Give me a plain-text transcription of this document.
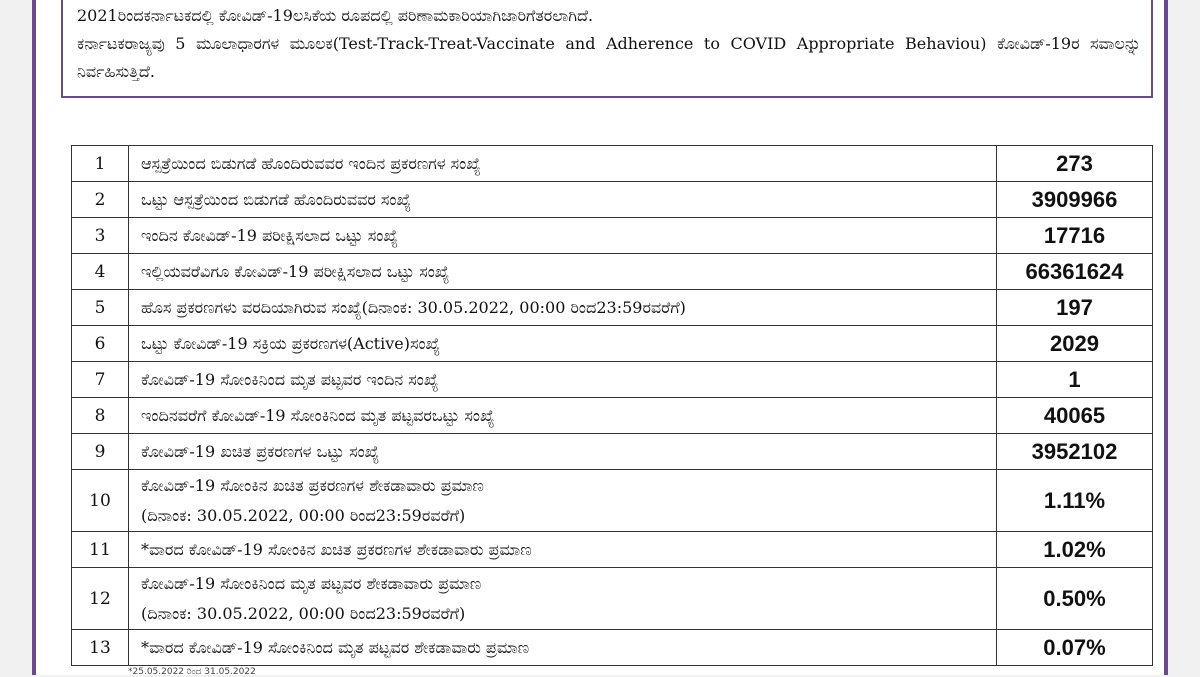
2021ರಿಂದಕರ್ನಾಟಕದಲ್ಲಿ ಕೋವಿಡ್-19ಲಸಿಕೆಯ ರೂಪದಲ್ಲಿ ಪರಿಣಾಮಕಾರಿಯಾಗಿಜಾರಿಗೆತರಲಾಗಿದೆ.

ಕರ್ನಾಟಕರಾಜ್ಯವು 5 ಮೂಲಾಧಾರಗಳ ಮೂಲಕ(Test-Track-Treat-Vaccinate and Adherence to COVID Appropriate Behaviou) ಕೋವಿಡ್-19ರ ಸವಾಲನ್ನು ನಿರ್ವಹಿಸುತ್ತಿದೆ.

1	ಆಸ್ಪತ್ರೆಯಿಂದ ಬಿಡುಗಡೆ ಹೊಂದಿರುವವರ ಇಂದಿನ ಪ್ರಕರಣಗಳ ಸಂಖ್ಯೆ	273
2	ಒಟ್ಟು ಆಸ್ಪತ್ರೆಯಿಂದ ಬಿಡುಗಡೆ ಹೊಂದಿರುವವರ ಸಂಖ್ಯೆ	3909966
3	ಇಂದಿನ ಕೋವಿಡ್-19 ಪರೀಕ್ಷಿಸಲಾದ ಒಟ್ಟು ಸಂಖ್ಯೆ	17716
4	ಇಲ್ಲಿಯವರೆವಿಗೂ ಕೋವಿಡ್-19 ಪರೀಕ್ಷಿಸಲಾದ ಒಟ್ಟು ಸಂಖ್ಯೆ	66361624
5	ಹೊಸ ಪ್ರಕರಣಗಳು ವರದಿಯಾಗಿರುವ ಸಂಖ್ಯೆ(ದಿನಾಂಕ: 30.05.2022, 00:00 ರಿಂದ23:59ರವರೆಗೆ)	197
6	ಒಟ್ಟು ಕೋವಿಡ್-19 ಸಕ್ರಿಯ ಪ್ರಕರಣಗಳ(Active)ಸಂಖ್ಯೆ	2029
7	ಕೋವಿಡ್-19 ಸೋಂಕಿನಿಂದ ಮೃತ ಪಟ್ಟವರ ಇಂದಿನ ಸಂಖ್ಯೆ	1
8	ಇಂದಿನವರೆಗೆ ಕೋವಿಡ್-19 ಸೋಂಕಿನಿಂದ ಮೃತ ಪಟ್ಟವರಒಟ್ಟು ಸಂಖ್ಯೆ	40065
9	ಕೋವಿಡ್-19 ಖಚಿತ ಪ್ರಕರಣಗಳ ಒಟ್ಟು ಸಂಖ್ಯೆ	3952102
10	ಕೋವಿಡ್-19 ಸೋಂಕಿನ ಖಚಿತ ಪ್ರಕರಣಗಳ ಶೇಕಡಾವಾರು ಪ್ರಮಾಣ
(ದಿನಾಂಕ: 30.05.2022, 00:00 ರಿಂದ23:59ರವರೆಗೆ)	1.11%
11	*ವಾರದ ಕೋವಿಡ್-19 ಸೋಂಕಿನ ಖಚಿತ ಪ್ರಕರಣಗಳ ಶೇಕಡಾವಾರು ಪ್ರಮಾಣ	1.02%
12	ಕೋವಿಡ್-19 ಸೋಂಕಿನಿಂದ ಮೃತ ಪಟ್ಟವರ ಶೇಕಡಾವಾರು ಪ್ರಮಾಣ
(ದಿನಾಂಕ: 30.05.2022, 00:00 ರಿಂದ23:59ರವರೆಗೆ)	0.50%
13	*ವಾರದ ಕೋವಿಡ್-19 ಸೋಂಕಿನಿಂದ ಮೃತ ಪಟ್ಟವರ ಶೇಕಡಾವಾರು ಪ್ರಮಾಣ	0.07%
*25.05.2022 ರಿಂದ 31.05.2022
